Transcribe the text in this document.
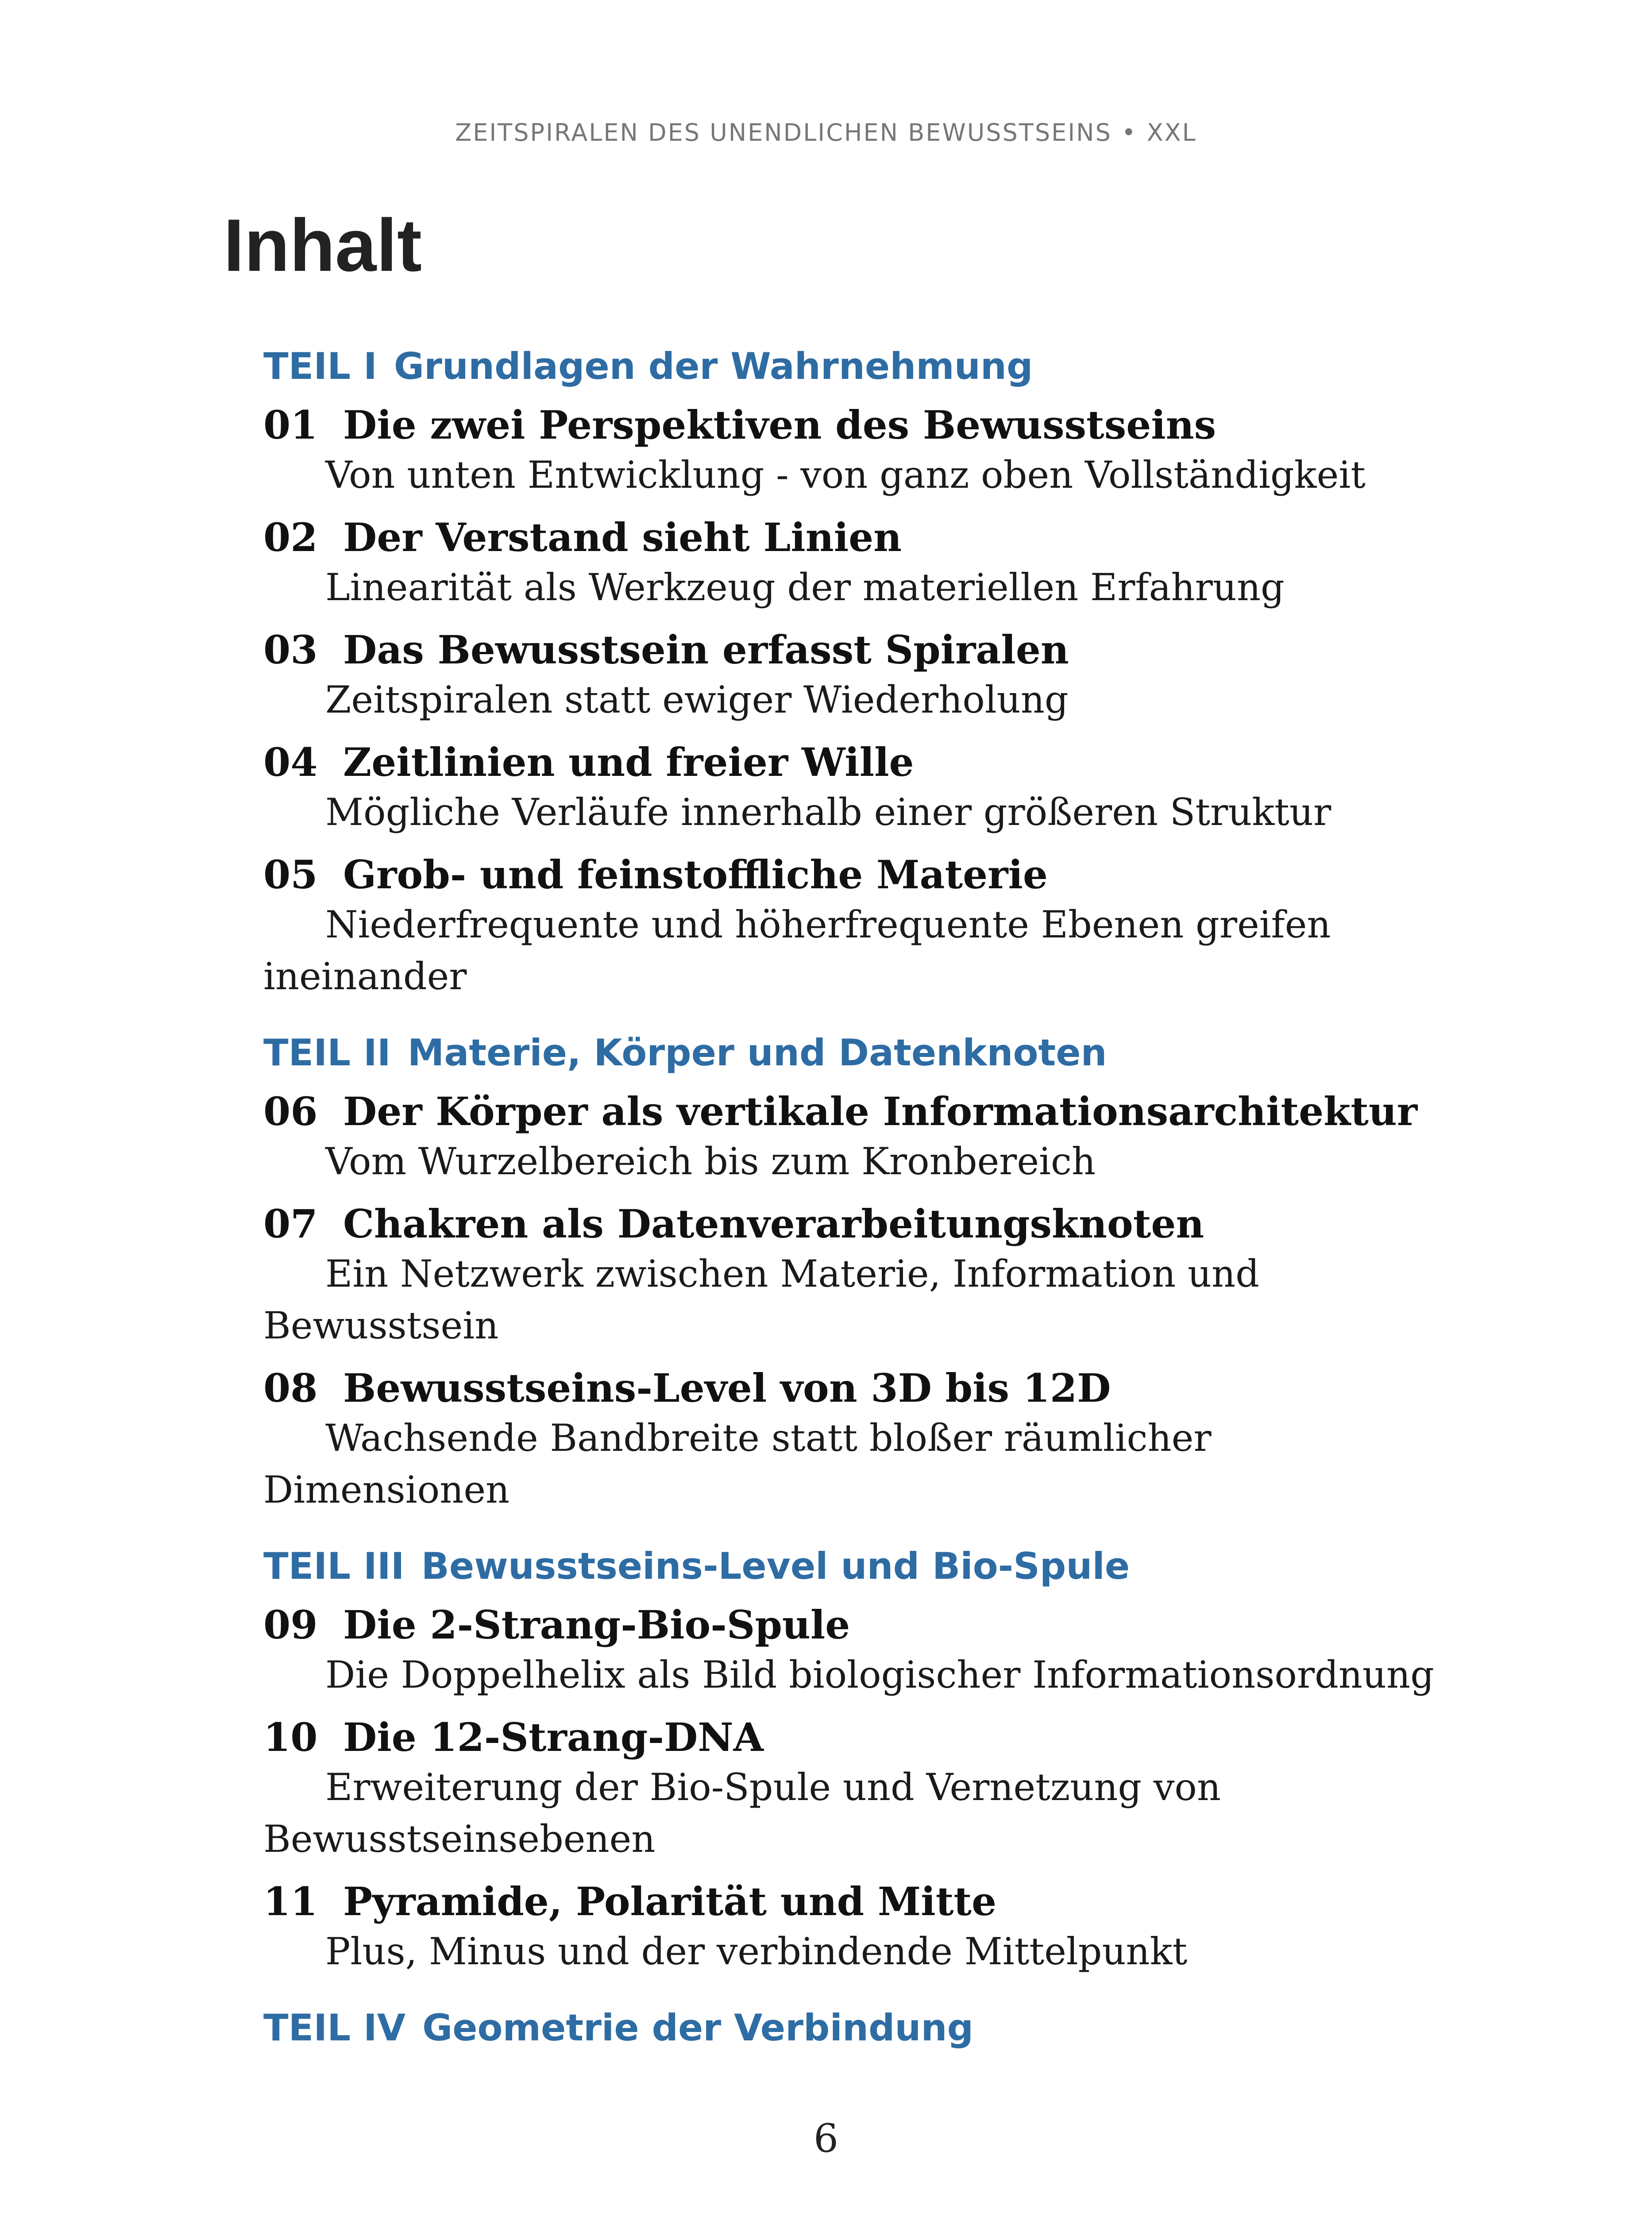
ZEITSPIRALEN DES UNENDLICHEN BEWUSSTSEINS • XXL
Inhalt
TEIL I Grundlagen der Wahrnehmung
01 Die zwei Perspektiven des Bewusstseins
Von unten Entwicklung - von ganz oben Vollständigkeit
02 Der Verstand sieht Linien
Linearität als Werkzeug der materiellen Erfahrung
03 Das Bewusstsein erfasst Spiralen
Zeitspiralen statt ewiger Wiederholung
04 Zeitlinien und freier Wille
Mögliche Verläufe innerhalb einer größeren Struktur
05 Grob- und feinstoffliche Materie
Niederfrequente und höherfrequente Ebenen greifen ineinander
TEIL II Materie, Körper und Datenknoten
06 Der Körper als vertikale Informationsarchitektur
Vom Wurzelbereich bis zum Kronbereich
07 Chakren als Datenverarbeitungsknoten
Ein Netzwerk zwischen Materie, Information und Bewusstsein
08 Bewusstseins-Level von 3D bis 12D
Wachsende Bandbreite statt bloßer räumlicher Dimensionen
TEIL III Bewusstseins-Level und Bio-Spule
09 Die 2-Strang-Bio-Spule
Die Doppelhelix als Bild biologischer Informationsordnung
10 Die 12-Strang-DNA
Erweiterung der Bio-Spule und Vernetzung von Bewusstseinsebenen
11 Pyramide, Polarität und Mitte
Plus, Minus und der verbindende Mittelpunkt
TEIL IV Geometrie der Verbindung
6
